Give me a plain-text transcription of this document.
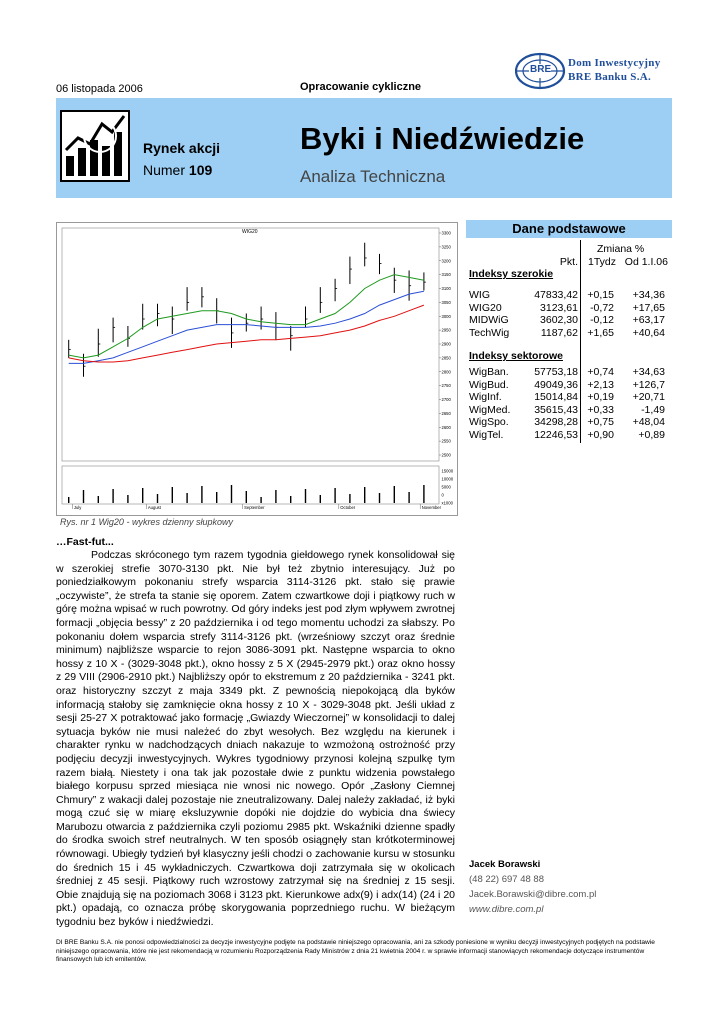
06 listopada 2006	Opracowanie cykliczne
BRE
Dom Inwestycyjny
BRE Banku S.A.
Rynek akcji
Numer 109
Byki i Niedźwiedzie
Analiza Techniczna
WIG20	3300
3250
3200
3150
3100
3050
3000
2950
2900
2850
2800
2750
2700
2650
2600
2550
2500
15000
10000
5000
0
x1000
July	August	September	October	November
Rys. nr 1 Wig20 - wykres dzienny słupkowy
Dane podstawowe
Zmiana %
Pkt. 1Tydz Od 1.I.06
Indeksy szerokie
WIG	47833,42 +0,15	+34,36
WIG20	3123,61	-0,72	+17,65
MIDWiG	3602,30	-0,12	+63,17
TechWig	1187,62 +1,65	+40,64
Indeksy sektorowe
WigBan.	57753,18 +0,74	+34,63
WigBud.	49049,36 +2,13	+126,7
WigInf.	15014,84 +0,19	+20,71
WigMed.	35615,43 +0,33	-1,49
WigSpo.	34298,28 +0,75	+48,04
WigTel.	12246,53 +0,90	+0,89
…Fast-fut...
Podczas skróconego tym razem tygodnia giełdowego rynek konsolidował się w szerokiej strefie 3070-3130 pkt. Nie był też zbytnio interesujący. Już po poniedziałkowym pokonaniu strefy wsparcia 3114-3126 pkt. stało się prawie „oczywiste”, że strefa ta stanie się oporem. Zatem czwartkowe doji i piątkowy ruch w górę można wpisać w ruch powrotny. Od góry indeks jest pod złym wpływem zwrotnej formacji „objęcia bessy” z 20 października i od tego momentu uchodzi za słabszy. Po pokonaniu dołem wsparcia strefy 3114-3126 pkt. (wrześniowy szczyt oraz średnie minimum) najbliższe wsparcie to rejon 3086-3091 pkt. Następne wsparcia to okno hossy z 10 X - (3029-3048 pkt.), okno hossy z 5 X (2945-2979 pkt.) oraz okno hossy z 29 VIII (2906-2910 pkt.) Najbliższy opór to ekstremum z 20 października - 3241 pkt. oraz historyczny szczyt z maja 3349 pkt. Z pewnością niepokojącą dla byków informacją stałoby się zamknięcie okna hossy z 10 X - 3029-3048 pkt. Jeśli układ z sesji 25-27 X potraktować jako formację „Gwiazdy Wieczornej” w konsolidacji to dalej sytuacja byków nie musi należeć do zbyt wesołych. Bez względu na kierunek i charakter rynku w nadchodzących dniach nakazuje to wzmożoną ostrożność przy podjęciu decyzji inwestycyjnych. Wykres tygodniowy przynosi kolejną szpulkę tym razem białą. Niestety i ona tak jak pozostałe dwie z punktu widzenia powstałego białego korpusu sprzed miesiąca nie wnosi nic nowego. Opór „Zasłony Ciemnej Chmury” z wakacji dalej pozostaje nie zneutralizowany. Dalej należy zakładać, iż byki mogą czuć się w miarę eksluzywnie dopóki nie dojdzie do wybicia dna świecy Marubozu otwarcia z października czyli poziomu 2985 pkt. Wskaźniki dzienne spadły do środka swoich stref neutralnych. W ten sposób osiągnęły stan krótkoterminowej równowagi. Ubiegły tydzień był klasyczny jeśli chodzi o zachowanie kursu w stosunku do średnich 15 i 45 wykładniczych. Czwartkowa doji zatrzymała się w okolicach średniej z 45 sesji. Piątkowy ruch wzrostowy zatrzymał się na średniej z 15 sesji. Obie znajdują się na poziomach 3068 i 3123 pkt. Kierunkowe adx(9) i adx(14) (24 i 20 pkt.) opadają, co oznacza próbę skorygowania poprzedniego ruchu. W bieżącym tygodniu bez byków i niedźwiedzi.
Jacek Borawski
(48 22) 697 48 88
Jacek.Borawski@dibre.com.pl
www.dibre.com.pl
DI BRE Banku S.A. nie ponosi odpowiedzialności za decyzje inwestycyjne podjęte na podstawie niniejszego opracowania, ani za szkody poniesione w wyniku decyzji inwestycyjnych podjętych na podstawie niniejszego opracowania, które nie jest rekomendacją w rozumieniu Rozporządzenia Rady Ministrów z dnia 21 kwietnia 2004 r. w sprawie informacji stanowiących rekomendacje dotyczące instrumentów finansowych lub ich emitentów.
